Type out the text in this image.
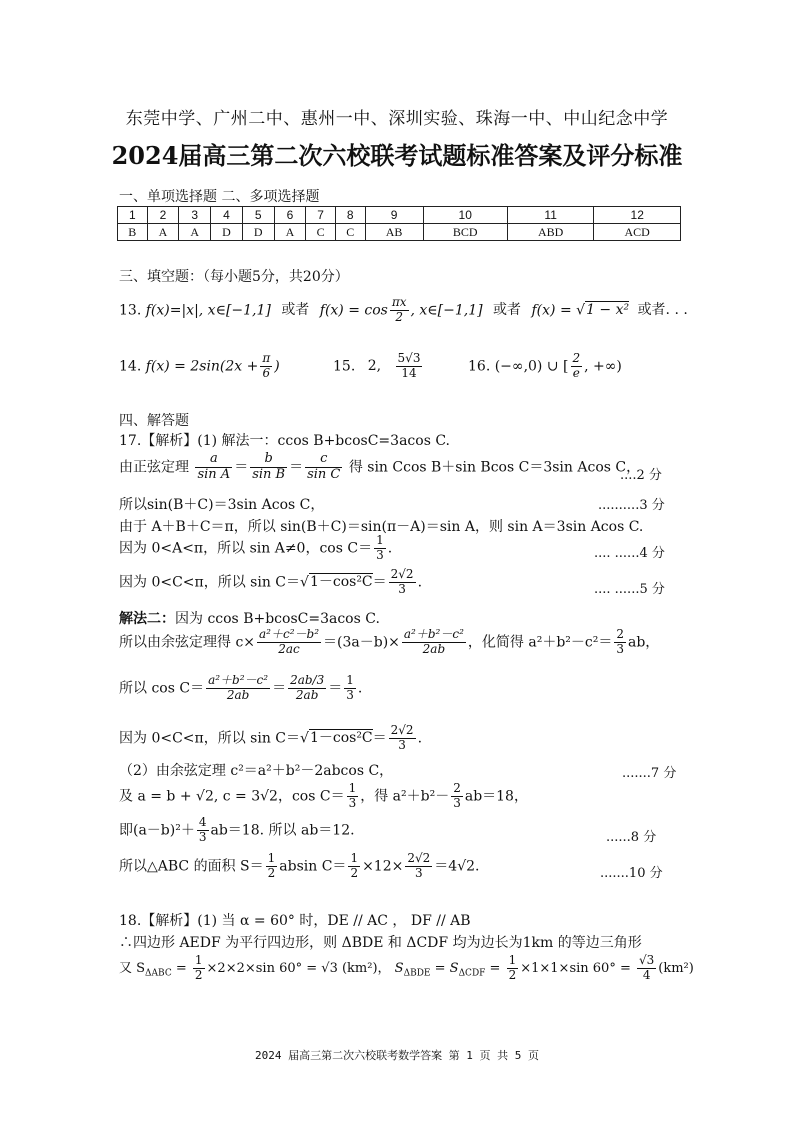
东莞中学、广州二中、惠州一中、深圳实验、珠海一中、中山纪念中学
2024届高三第二次六校联考试题标准答案及评分标准
一、单项选择题 二、多项选择题
1	2	3	4	5	6	7	8	9	10	11	12
B	A	A	D	D	A	C	C	AB	BCD	ABD	ACD
三、填空题：（每小题5分，共20分）
13. f(x)=|x|, x∈[−1,1] 或者 $f(x) = \cos \frac{\pi x}{2}$ , x∈[−1,1] 或者 f(x) = √1 − x² 或者. . .
14. $f(x) = 2\sin(2x + \frac{\pi}{6}$ )	15. 2, $\frac{5√3}{14}$	16. (−∞,0) ∪ [ $\frac{2}{e}$ , +∞)
四、解答题
17.【解析】(1) 解法一：ccos B+bcosC=3acos C.
由正弦定理 $\frac{a}{\text{sin A}} = \frac{b}{\text{sin B}} = \frac{c}{\text{sin C}}$ 得 sin Ccos B＋sin Bcos C＝3sin Acos C，
....2 分
所以sin(B＋C)＝3sin Acos C，	..........3 分
由于 A＋B＋C＝π，所以 sin(B＋C)＝sin(π－A)＝sin A，则 sin A＝3sin Acos C.
因为 0<A<π，所以 sin A≠0，$\cos C= \frac{1}{3}$ .	.... ......4 分
因为 0<C<π，所以 $\sin C=√1-\cos^2C= \frac{2√2}{3}$ .	.... ......5 分
解法二：因为 ccos B+bcosC=3acos C.
所以由余弦定理得 $c\times \frac{\text{a²＋c²－b²}}{2ac} =(3a-b)\times \frac{\text{a²＋b²－c²}}{2ab}$ ，化简得 $a^2+b^2-c^2= \frac{2}{3}$ ab，
所以 $\cos C= \frac{\text{a²＋b²－c²}}{2ab} = \frac{2ab/3}{2ab} = \frac{1}{3}$ .
因为 0<C<π，所以 $\sin C=√1-\cos^2C= \frac{2√2}{3}$ .
（2）由余弦定理 c²＝a²＋b²－2abcos C，	.......7 分
及 a = b + √2, c = 3√2，$\cos C= \frac{1}{3}$ ，得 $a^2+b^2- \frac{2}{3} ab=18$，
即$(a-b)^2+ \frac{4}{3} ab=18$. 所以 ab＝12.	......8 分
所以△ABC 的面积 $S= \frac{1}{2}$ absin $C= \frac{1}{2} \times 12\times \frac{2√2}{3} =4√2$.	.......10 分
18.【解析】(1) 当 α = 60° 时，DE // AC ， DF // AB
∴四边形 AEDF 为平行四边形，则 ΔBDE 和 ΔCDF 均为边长为1km 的等边三角形
又 $S_{\Delta ABC} = \frac{1}{2} \times 2\times 2\times\sin$ 60° = √3 (km²)， $S_{\Delta BDE} = S_{\Delta CDF} = \frac{1}{2} \times 1\times 1\times\sin$ $60^\circ = \frac{√3}{4} (km^2)$
2024 届高三第二次六校联考数学答案 第 1 页 共 5 页
